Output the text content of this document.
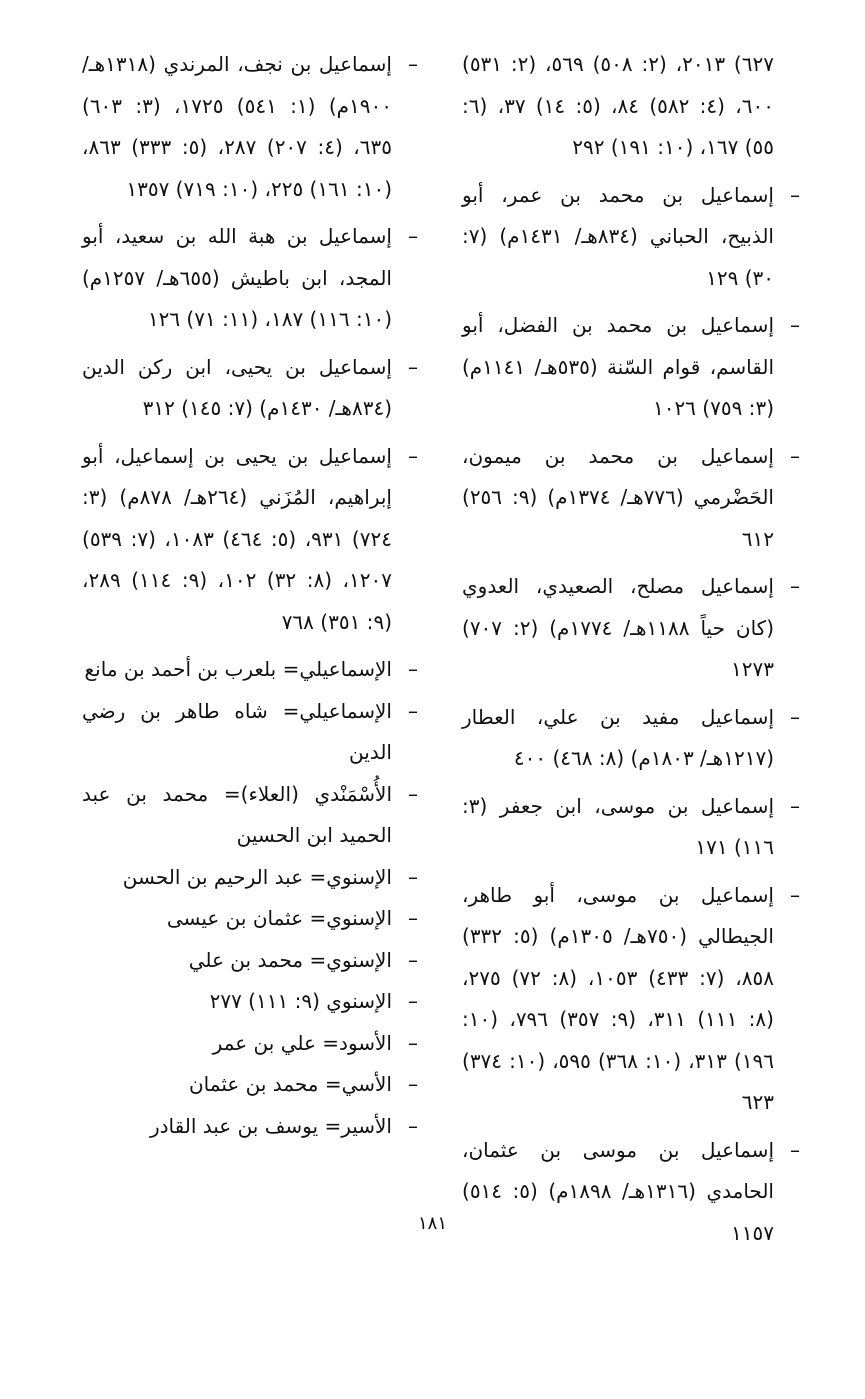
٦٢٧) ٢٠١٣، (٢: ٥٠٨) ٥٦٩، (٢: ٥٣١) ٦٠٠، (٤: ٥٨٢) ٨٤، (٥: ١٤) ٣٧، (٦: ٥٥) ١٦٧، (١٠: ١٩١) ٢٩٢
–
إسماعيل بن محمد بن عمر، أبو الذبيح، الحباني (٨٣٤هـ/ ١٤٣١م) (٧: ٣٠) ١٢٩
–
إسماعيل بن محمد بن الفضل، أبو القاسم، قوام السّنة (٥٣٥هـ/ ١١٤١م) (٣: ٧٥٩) ١٠٢٦
–
إسماعيل بن محمد بن ميمون، الحَضْرمي (٧٧٦هـ/ ١٣٧٤م) (٩: ٢٥٦) ٦١٢
–
إسماعيل مصلح، الصعيدي، العدوي (كان حياً ١١٨٨هـ/ ١٧٧٤م) (٢: ٧٠٧) ١٢٧٣
–
إسماعيل مفيد بن علي، العطار (١٢١٧هـ/ ١٨٠٣م) (٨: ٤٦٨) ٤٠٠
–
إسماعيل بن موسى، ابن جعفر (٣: ١١٦) ١٧١
–
إسماعيل بن موسى، أبو طاهر، الجيطالي (٧٥٠هـ/ ١٣٠٥م) (٥: ٣٣٢) ٨٥٨، (٧: ٤٣٣) ١٠٥٣، (٨: ٧٢) ٢٧٥، (٨: ١١١) ٣١١، (٩: ٣٥٧) ٧٩٦، (١٠: ١٩٦) ٣١٣، (١٠: ٣٦٨) ٥٩٥، (١٠: ٣٧٤) ٦٢٣
–
إسماعيل بن موسى بن عثمان، الحامدي (١٣١٦هـ/ ١٨٩٨م) (٥: ٥١٤) ١١٥٧
–
إسماعيل بن نجف، المرندي (١٣١٨هـ/ ١٩٠٠م) (١: ٥٤١) ١٧٢٥، (٣: ٦٠٣) ٦٣٥، (٤: ٢٠٧) ٢٨٧، (٥: ٣٣٣) ٨٦٣، (١٠: ١٦١) ٢٢٥، (١٠: ٧١٩) ١٣٥٧
–
إسماعيل بن هبة الله بن سعيد، أبو المجد، ابن باطيش (٦٥٥هـ/ ١٢٥٧م) (١٠: ١١٦) ١٨٧، (١١: ٧١) ١٢٦
–
إسماعيل بن يحيى، ابن ركن الدين (٨٣٤هـ/ ١٤٣٠م) (٧: ١٤٥) ٣١٢
–
إسماعيل بن يحيى بن إسماعيل، أبو إبراهيم، المُزَني (٢٦٤هـ/ ٨٧٨م) (٣: ٧٢٤) ٩٣١، (٥: ٤٦٤) ١٠٨٣، (٧: ٥٣٩) ١٢٠٧، (٨: ٣٢) ١٠٢، (٩: ١١٤) ٢٨٩، (٩: ٣٥١) ٧٦٨
–
الإسماعيلي= بلعرب بن أحمد بن مانع
–
الإسماعيلي= شاه طاهر بن رضي الدين
–
الأُسْمَنْدي (العلاء)= محمد بن عبد الحميد ابن الحسين
–
الإسنوي= عبد الرحيم بن الحسن
–
الإسنوي= عثمان بن عيسى
–
الإسنوي= محمد بن علي
–
الإسنوي (٩: ١١١) ٢٧٧
–
الأسود= علي بن عمر
–
الأسي= محمد بن عثمان
–
الأسير= يوسف بن عبد القادر
١٨١
